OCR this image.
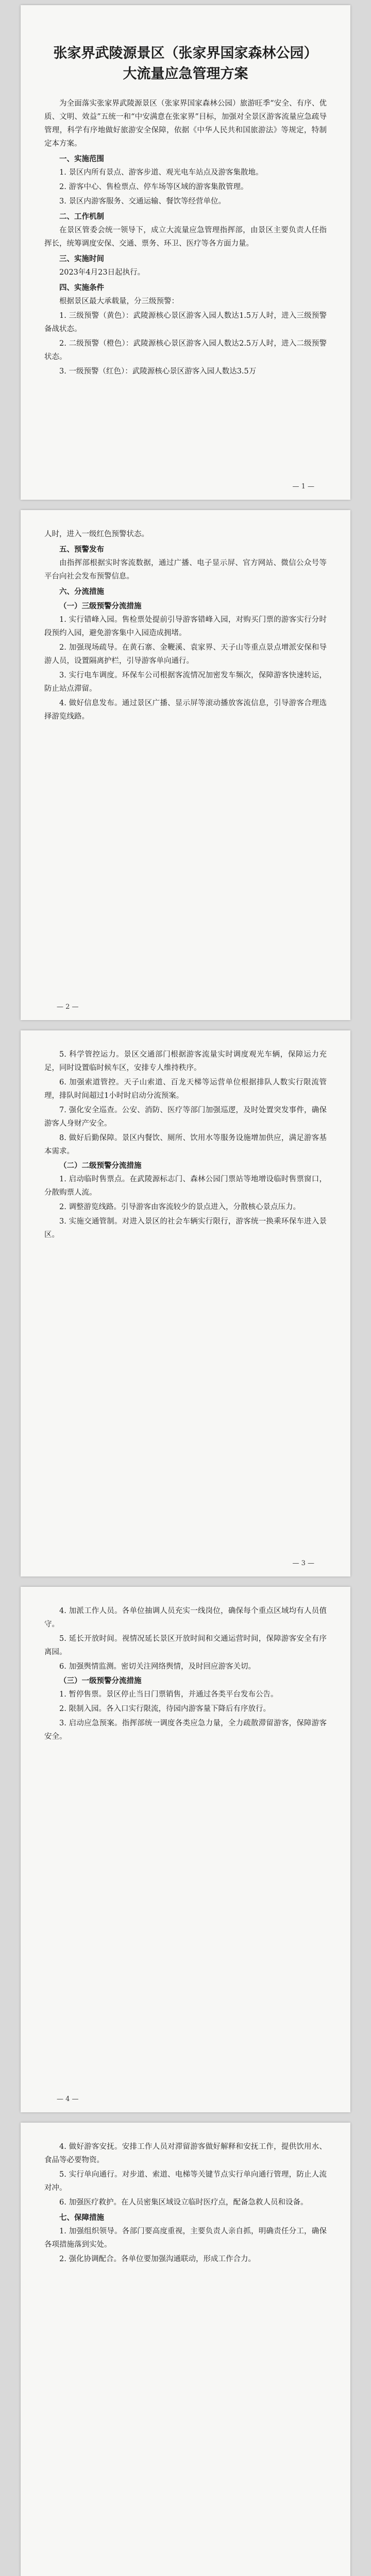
张家界武陵源景区（张家界国家森林公园）
大流量应急管理方案

为全面落实张家界武陵源景区（张家界国家森林公园）旅游旺季“安全、有序、优质、文明、效益”五统一和“中安满意在张家界”目标，加强对全景区游客流量应急疏导管理，科学有序地做好旅游安全保障，依据《中华人民共和国旅游法》等规定，特制定本方案。

一、实施范围

1. 景区内所有景点、游客步道、观光电车站点及游客集散地。

2. 游客中心、售检票点、停车场等区域的游客集散管理。

3. 景区内游客服务、交通运输、餐饮等经营单位。

二、工作机制

在景区管委会统一领导下，成立大流量应急管理指挥部，由景区主要负责人任指挥长，统筹调度安保、交通、票务、环卫、医疗等各方面力量。

三、实施时间

2023年4月23日起执行。

四、实施条件

根据景区最大承载量，分三级预警：

1. 三级预警（黄色）：武陵源核心景区游客入园人数达1.5万人时，进入三级预警备战状态。

2. 二级预警（橙色）：武陵源核心景区游客入园人数达2.5万人时，进入二级预警状态。

3. 一级预警（红色）：武陵源核心景区游客入园人数达3.5万

— 1 —

人时，进入一级红色预警状态。

五、预警发布

由指挥部根据实时客流数据，通过广播、电子显示屏、官方网站、微信公众号等平台向社会发布预警信息。

六、分流措施

（一）三级预警分流措施

1. 实行错峰入园。售检票处提前引导游客错峰入园，对购买门票的游客实行分时段预约入园，避免游客集中入园造成拥堵。

2. 加强现场疏导。在黄石寨、金鞭溪、袁家界、天子山等重点景点增派安保和导游人员，设置隔离护栏，引导游客单向通行。

3. 实行电车调度。环保车公司根据客流情况加密发车频次，保障游客快速转运，防止站点滞留。

4. 做好信息发布。通过景区广播、显示屏等滚动播放客流信息，引导游客合理选择游览线路。

— 2 —

5. 科学管控运力。景区交通部门根据游客流量实时调度观光车辆，保障运力充足，同时设置临时候车区，安排专人维持秩序。

6. 加强索道管控。天子山索道、百龙天梯等运营单位根据排队人数实行限流管理，排队时间超过1小时时启动分流预案。

7. 强化安全巡查。公安、消防、医疗等部门加强巡逻，及时处置突发事件，确保游客人身财产安全。

8. 做好后勤保障。景区内餐饮、厕所、饮用水等服务设施增加供应，满足游客基本需求。

（二）二级预警分流措施

1. 启动临时售票点。在武陵源标志门、森林公园门票站等地增设临时售票窗口，分散购票人流。

2. 调整游览线路。引导游客由客流较少的景点进入，分散核心景点压力。

3. 实施交通管制。对进入景区的社会车辆实行限行，游客统一换乘环保车进入景区。

— 3 —

4. 加派工作人员。各单位抽调人员充实一线岗位，确保每个重点区域均有人员值守。

5. 延长开放时间。视情况延长景区开放时间和交通运营时间，保障游客安全有序离园。

6. 加强舆情监测。密切关注网络舆情，及时回应游客关切。

（三）一级预警分流措施

1. 暂停售票。景区停止当日门票销售，并通过各类平台发布公告。

2. 限制入园。各入口实行限流，待园内游客量下降后有序放行。

3. 启动应急预案。指挥部统一调度各类应急力量，全力疏散滞留游客，保障游客安全。

— 4 —

4. 做好游客安抚。安排工作人员对滞留游客做好解释和安抚工作，提供饮用水、食品等必要物资。

5. 实行单向通行。对步道、索道、电梯等关键节点实行单向通行管理，防止人流对冲。

6. 加强医疗救护。在人员密集区域设立临时医疗点，配备急救人员和设备。

七、保障措施

1. 加强组织领导。各部门要高度重视，主要负责人亲自抓，明确责任分工，确保各项措施落到实处。

2. 强化协调配合。各单位要加强沟通联动，形成工作合力。
